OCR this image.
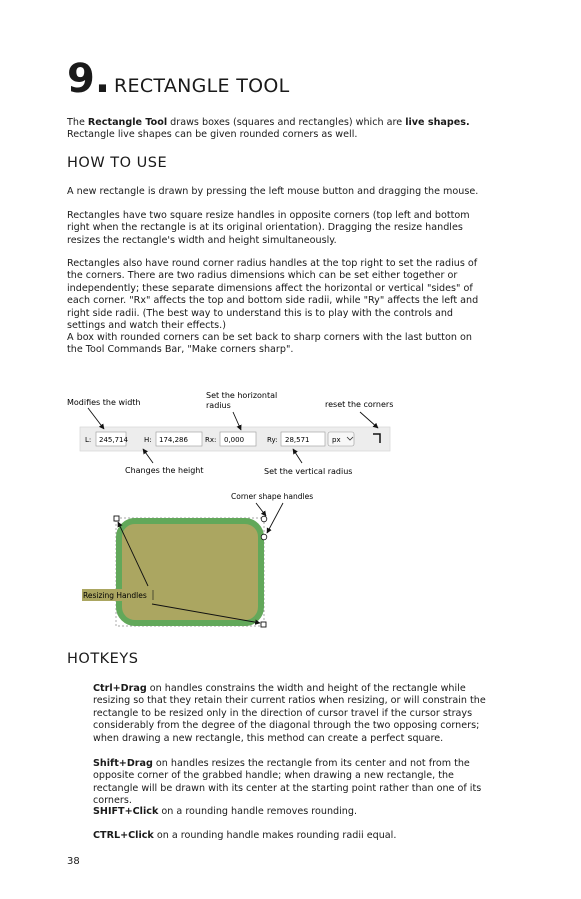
9. RECTANGLE TOOL

The Rectangle Tool draws boxes (squares and rectangles) which are live shapes. Rectangle live shapes can be given rounded corners as well.

HOW TO USE

A new rectangle is drawn by pressing the left mouse button and dragging the mouse.

Rectangles have two square resize handles in opposite corners (top left and bottom right when the rectangle is at its original orientation). Dragging the resize handles resizes the rectangle's width and height simultaneously.

Rectangles also have round corner radius handles at the top right to set the radius of the corners. There are two radius dimensions which can be set either together or independently; these separate dimensions affect the horizontal or vertical "sides" of each corner. "Rx" affects the top and bottom side radii, while "Ry" affects the left and right side radii. (The best way to understand this is to play with the controls and settings and watch their effects.)

A box with rounded corners can be set back to sharp corners with the last button on the Tool Commands Bar, "Make corners sharp".

Modifies the width
Set the horizontal
radius	reset the corners
Changes the height	Set the vertical radius
L: 245,714 H: 174,286 Rx: 0,000	Ry: 28,571	px
Corner shape handles
Resizing Handles
HOTKEYS

Ctrl+Drag on handles constrains the width and height of the rectangle while resizing so that they retain their current ratios when resizing, or will constrain the rectangle to be resized only in the direction of cursor travel if the cursor strays considerably from the degree of the diagonal through the two opposing corners; when drawing a new rectangle, this method can create a perfect square.

Shift+Drag on handles resizes the rectangle from its center and not from the opposite corner of the grabbed handle; when drawing a new rectangle, the rectangle will be drawn with its center at the starting point rather than one of its corners.

SHIFT+Click on a rounding handle removes rounding.

CTRL+Click on a rounding handle makes rounding radii equal.

38
